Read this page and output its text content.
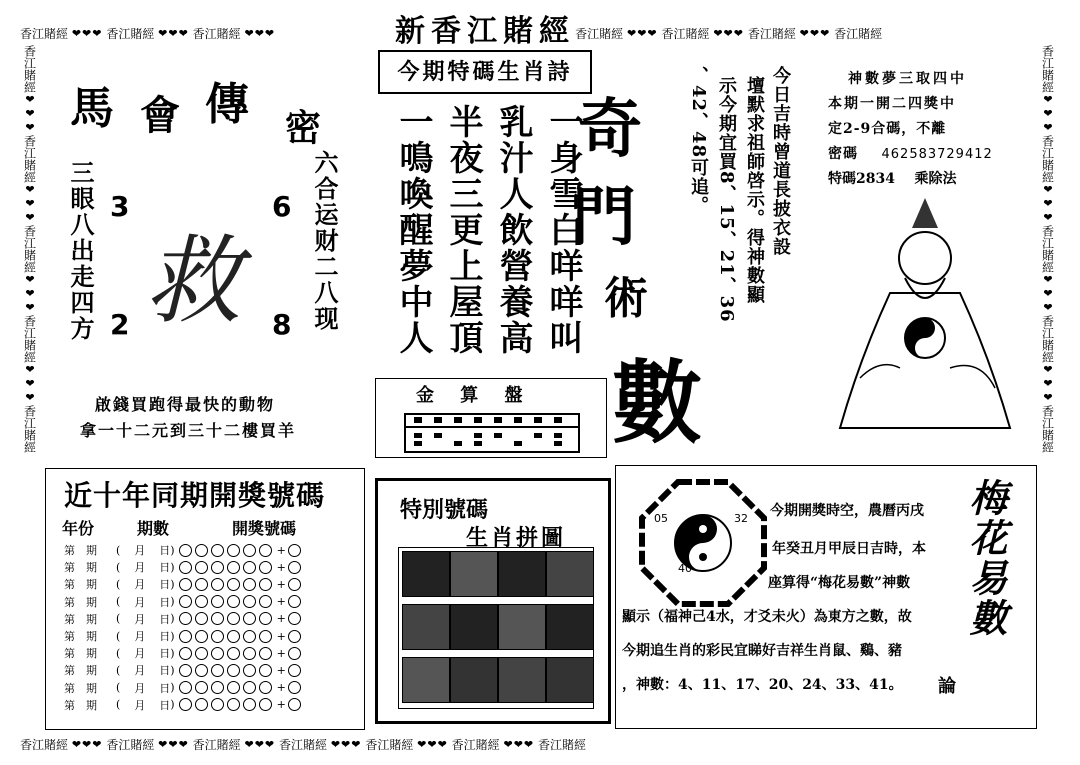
香江賭經
❤❤❤
香江賭經
❤❤❤
香江賭經
❤❤❤	香江賭經
❤❤❤
香江賭經
❤❤❤
香江賭經
❤❤❤
香江賭經
香江賭經
❤❤❤
香江賭經
❤❤❤
香江賭經
❤❤❤
香江賭經
❤❤❤
香江賭經
❤❤❤
香江賭經
❤❤❤
香江賭經
香江賭經
❤❤❤
香江賭經
❤❤❤
香江賭經
❤❤❤
香江賭經
❤❤❤
香江賭經
香江賭經
❤❤❤
香江賭經
❤❤❤
香江賭經
❤❤❤
香江賭經
❤❤❤
香江賭經
新香江賭經
今期特碼生肖詩
馬 會 傳 密
三眼八出走四方	六合运财二八现
3	6
2	8
救
啟錢買跑得最快的動物
拿一十二元到三十二樓買羊
一身雪白咩咩叫
乳汁人飲營養高
半夜三更上屋頂
一鳴喚醒夢中人 奇
門
術
數
今日吉時曾道長披衣設
壇默求祖師啓示。得神數顯
示今期宜買8、15、21、36
、42、48可追。	神數夢三取四中
本期一開二四獎中
定2-9合碼，不離
密碼 462583729412
特碼2834 乘除法
金 算 盤
近十年同期開獎號碼
年份	期數	開獎號碼
第　期	( 月 日 )	+
第　期	( 月 日 )	+
第　期	( 月 日 )	+
第　期	( 月 日 )	+
第　期	( 月 日 )	+
第　期	( 月 日 )	+
第　期	( 月 日 )	+
第　期	( 月 日 )	+
第　期	( 月 日 )	+
第　期	( 月 日 )	+
特別號碼
生肖拼圖
05	32
40
今期開獎時空，農曆丙戌
年癸丑月甲辰日吉時，本
座算得“梅花易數”神數
顯示（福神己4水，才爻未火）為東方之數，故
今期追生肖的彩民宜睇好吉祥生肖鼠、鷄、豬
，神數：4、11、17、20、24、33、41。
梅花易數
論
